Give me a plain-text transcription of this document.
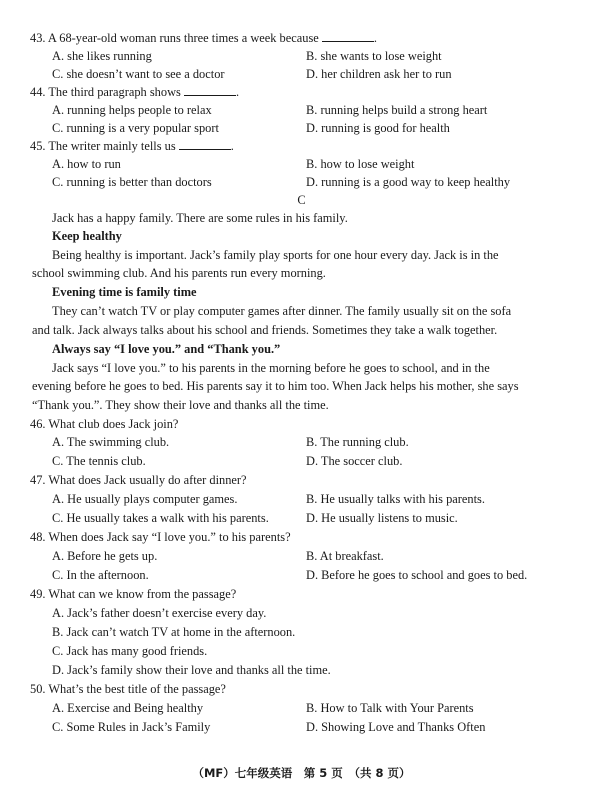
43. A 68-year-old woman runs three times a week because	.
A. she likes running	B. she wants to lose weight
C. she doesn’t want to see a doctor	D. her children ask her to run
44. The third paragraph shows	.
A. running helps people to relax	B. running helps build a strong heart
C. running is a very popular sport	D. running is good for health
45. The writer mainly tells us	.
A. how to run	B. how to lose weight
C. running is better than doctors	D. running is a good way to keep healthy
C
Jack has a happy family. There are some rules in his family.
Keep healthy
Being healthy is important. Jack’s family play sports for one hour every day. Jack is in the
school swimming club. And his parents run every morning.
Evening time is family time
They can’t watch TV or play computer games after dinner. The family usually sit on the sofa
and talk. Jack always talks about his school and friends. Sometimes they take a walk together.
Always say “I love you.” and “Thank you.”
Jack says “I love you.” to his parents in the morning before he goes to school, and in the
evening before he goes to bed. His parents say it to him too. When Jack helps his mother, she says
“Thank you.”. They show their love and thanks all the time.
46. What club does Jack join?
A. The swimming club.	B. The running club.
C. The tennis club.	D. The soccer club.
47. What does Jack usually do after dinner?
A. He usually plays computer games.	B. He usually talks with his parents.
C. He usually takes a walk with his parents.	D. He usually listens to music.
48. When does Jack say “I love you.” to his parents?
A. Before he gets up.	B. At breakfast.
C. In the afternoon.	D. Before he goes to school and goes to bed.
49. What can we know from the passage?
A. Jack’s father doesn’t exercise every day.
B. Jack can’t watch TV at home in the afternoon.
C. Jack has many good friends.
D. Jack’s family show their love and thanks all the time.
50. What’s the best title of the passage?
A. Exercise and Being healthy	B. How to Talk with Your Parents
C. Some Rules in Jack’s Family	D. Showing Love and Thanks Often
（MF）七年级英语　第 5 页　（共 8 页）
